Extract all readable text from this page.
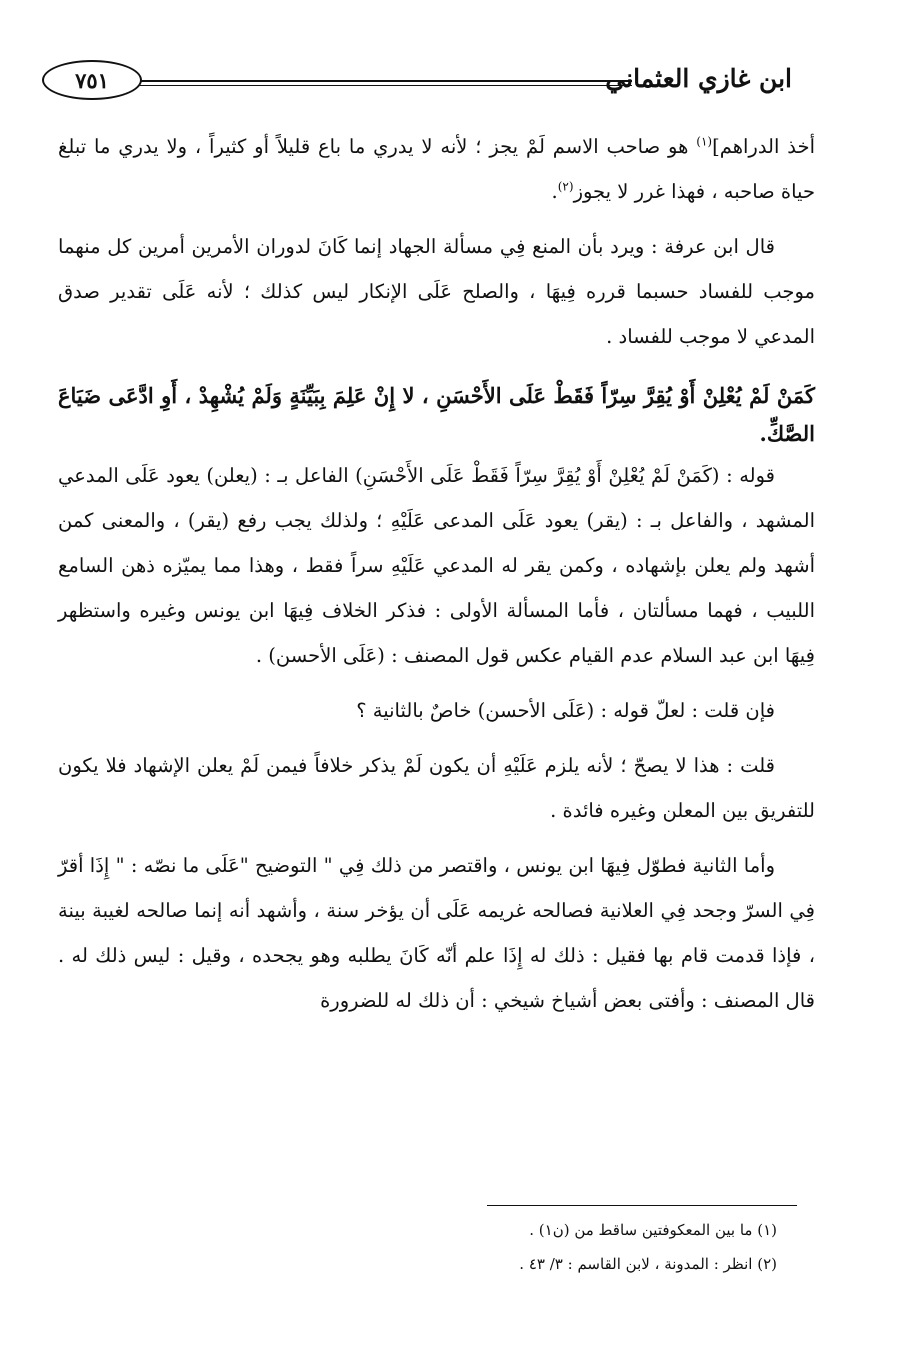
ابن غازي العثماني
٧٥١

أخذ الدراهم]$^{(١)}$ هو صاحب الاسم لَمْ يجز ؛ لأنه لا يدري ما باع قليلاً أو كثيراً ، ولا يدري ما تبلغ حياة صاحبه ، فهذا غرر لا يجوز$^{(٢)}$.

قال ابن عرفة : ويرد بأن المنع فِي مسألة الجهاد إنما كَانَ لدوران الأمرين أمرين كل منهما موجب للفساد حسبما قرره فِيهَا ، والصلح عَلَى الإنكار ليس كذلك ؛ لأنه عَلَى تقدير صدق المدعي لا موجب للفساد .

كَمَنْ لَمْ يُعْلِنْ أَوْ يُقِرَّ سِرّاً فَقَطْ عَلَى الأَحْسَنِ ، لا إِنْ عَلِمَ بِبَيِّنَةٍ وَلَمْ يُشْهِدْ ، أَوِ ادَّعَى ضَيَاعَ الصَّكِّ.

قوله : (كَمَنْ لَمْ يُعْلِنْ أَوْ يُقِرَّ سِرّاً فَقَطْ عَلَى الأَحْسَنِ) الفاعل بـ : (يعلن) يعود عَلَى المدعي المشهد ، والفاعل بـ : (يقر) يعود عَلَى المدعى عَلَيْهِ ؛ ولذلك يجب رفع (يقر) ، والمعنى كمن أشهد ولم يعلن بإشهاده ، وكمن يقر له المدعي عَلَيْهِ سراً فقط ، وهذا مما يميّزه ذهن السامع اللبيب ، فهما مسألتان ، فأما المسألة الأولى : فذكر الخلاف فِيهَا ابن يونس وغيره واستظهر فِيهَا ابن عبد السلام عدم القيام عكس قول المصنف : (عَلَى الأحسن) .

فإن قلت : لعلّ قوله : (عَلَى الأحسن) خاصٌ بالثانية ؟

قلت : هذا لا يصحّ ؛ لأنه يلزم عَلَيْهِ أن يكون لَمْ يذكر خلافاً فيمن لَمْ يعلن الإشهاد فلا يكون للتفريق بين المعلن وغيره فائدة .

وأما الثانية فطوّل فِيهَا ابن يونس ، واقتصر من ذلك فِي " التوضيح "عَلَى ما نصّه : " إِذَا أقرّ فِي السرّ وجحد فِي العلانية فصالحه غريمه عَلَى أن يؤخر سنة ، وأشهد أنه إنما صالحه لغيبة بينة ، فإذا قدمت قام بها فقيل : ذلك له إِذَا علم أنّه كَانَ يطلبه وهو يجحده ، وقيل : ليس ذلك له . قال المصنف : وأفتى بعض أشياخ شيخي : أن ذلك له للضرورة

(١) ما بين المعكوفتين ساقط من (ن١) .

(٢) انظر : المدونة ، لابن القاسم : ٣/ ٤٣ .
